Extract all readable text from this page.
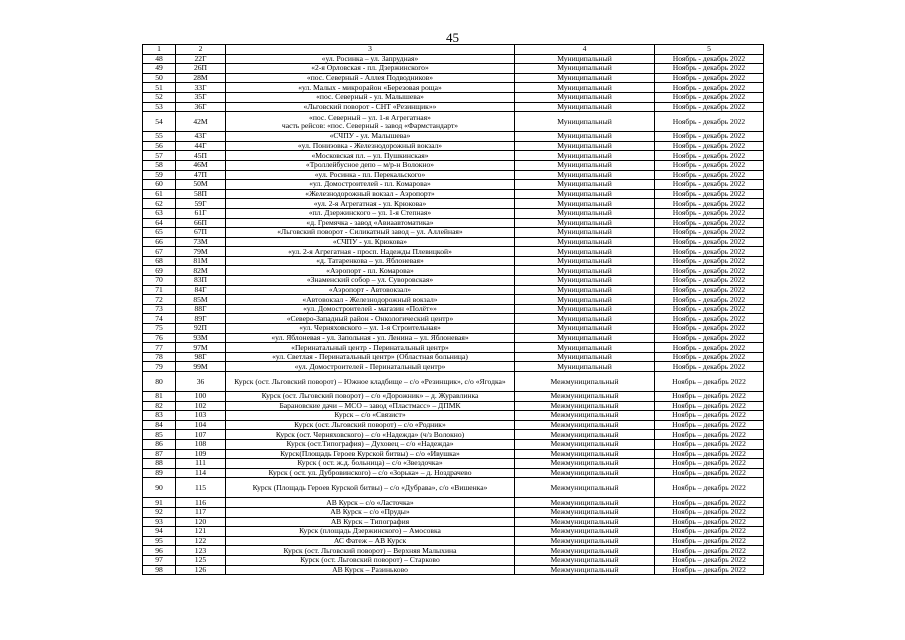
45
1	2	3	4	5
48	22Г	«ул. Росинка – ул. Запрудная»	Муниципальный	Ноябрь - декабрь 2022
49	26П	«2-я Орловская - пл. Дзержинского»	Муниципальный	Ноябрь - декабрь 2022
50	28М	«пос. Северный - Аллея Подводников»	Муниципальный	Ноябрь - декабрь 2022
51	33Г	«ул. Малых - микрорайон «Березовая роща»	Муниципальный	Ноябрь - декабрь 2022
52	35Г	«пос. Северный - ул. Малышева»	Муниципальный	Ноябрь - декабрь 2022
53	36Г	«Льговский поворот - СНТ «Резинщик»»	Муниципальный	Ноябрь - декабрь 2022
54	42М	«пос. Северный – ул. 1-я Агрегатная»
часть рейсов: «пос. Северный - завод «Фармстандарт»	Муниципальный	Ноябрь - декабрь 2022
55	43Г	«СЧПУ - ул. Малышева»	Муниципальный	Ноябрь - декабрь 2022
56	44Г	«ул. Пониэовка - Железнодорожный вокзал»	Муниципальный	Ноябрь - декабрь 2022
57	45П	«Московская пл. – ул. Пушкинская»	Муниципальный	Ноябрь - декабрь 2022
58	46М	«Троллейбусное депо – м/р-н Волокно»	Муниципальный	Ноябрь - декабрь 2022
59	47П	«ул. Росинка - пл. Перекальского»	Муниципальный	Ноябрь - декабрь 2022
60	50М	«ул. Домостроителей - пл. Комарова»	Муниципальный	Ноябрь - декабрь 2022
61	58П	«Железнодорожный вокзал - Аэропорт»	Муниципальный	Ноябрь - декабрь 2022
62	59Г	«ул. 2-я Агрегатная - ул. Крюкова»	Муниципальный	Ноябрь - декабрь 2022
63	61Г	«пл. Дзержинского – ул. 1-я Степная»	Муниципальный	Ноябрь - декабрь 2022
64	66П	«д. Гремячка - завод «Авиаавтоматика»	Муниципальный	Ноябрь - декабрь 2022
65	67П	«Льговский поворот - Силикатный завод – ул. Аллейная»	Муниципальный	Ноябрь - декабрь 2022
66	73М	«СЧПУ - ул. Крюкова»	Муниципальный	Ноябрь - декабрь 2022
67	79М	«ул. 2-я Агрегатная - просп. Надежды Плевицкой»	Муниципальный	Ноябрь - декабрь 2022
68	81М	«д. Татаренкова – ул. Яблоневая»	Муниципальный	Ноябрь - декабрь 2022
69	82М	«Аэропорт - пл. Комарова»	Муниципальный	Ноябрь - декабрь 2022
70	83П	«Знаменский собор – ул. Суворовская»	Муниципальный	Ноябрь - декабрь 2022
71	84Г	«Аэропорт - Автовокзал»	Муниципальный	Ноябрь - декабрь 2022
72	85М	«Автовокзал - Железнодорожный вокзал»	Муниципальный	Ноябрь - декабрь 2022
73	88Г	«ул. Домостроителей - магазин «Полёт»»	Муниципальный	Ноябрь - декабрь 2022
74	89Г	«Северо-Западный район - Онкологический центр»	Муниципальный	Ноябрь - декабрь 2022
75	92П	«ул. Черняховского – ул. 1-я Строительная»	Муниципальный	Ноябрь - декабрь 2022
76	93М	«ул. Яблоневая - ул. Запольная - ул. Ленина – ул. Яблоневая»	Муниципальный	Ноябрь - декабрь 2022
77	97М	«Перинатальный центр - Перинатальный центр»	Муниципальный	Ноябрь - декабрь 2022
78	98Г	«ул. Светлая - Перинатальный центр» (Областная больница)	Муниципальный	Ноябрь - декабрь 2022
79	99М	«ул. Домостроителей - Перинатальный центр»	Муниципальный	Ноябрь - декабрь 2022
80	36	Курск (ост. Льговский поворот) – Южное кладбище – с/о «Резинщик», с/о «Ягодка»	Межмуниципальный	Ноябрь – декабрь 2022
81	100	Курск (ост. Льговский поворот) – с/о «Дорожник» – д. Журавлинка	Межмуниципальный	Ноябрь – декабрь 2022
82	102	Барановские дачи – МСО – завод «Пластмасс» – ДПМК	Межмуниципальный	Ноябрь – декабрь 2022
83	103	Курск – с/о «Связист»	Межмуниципальный	Ноябрь – декабрь 2022
84	104	Курск (ост. Льговский поворот) – с/о «Родник»	Межмуниципальный	Ноябрь – декабрь 2022
85	107	Курск (ост. Черняховского) – с/о «Надежда» (ч/з Волокно)	Межмуниципальный	Ноябрь – декабрь 2022
86	108	Курск (ост.Типография) – Духовец – с/о «Надежда»	Межмуниципальный	Ноябрь – декабрь 2022
87	109	Курск(Площадь Героев Курской битвы) – с/о «Ивушка»	Межмуниципальный	Ноябрь – декабрь 2022
88	111	Курск ( ост. ж.д. больница) – с/о «Звездочка»	Межмуниципальный	Ноябрь – декабрь 2022
89	114	Курск ( ост. ул. Дубровинского) – с/о «Зорька» – д. Ноздрачево	Межмуниципальный	Ноябрь – декабрь 2022
90	115	Курск (Площадь Героев Курской битвы) – с/о «Дубрава», с/о «Вишенка»	Межмуниципальный	Ноябрь – декабрь 2022
91	116	АВ Курск – с/о «Ласточка»	Межмуниципальный	Ноябрь – декабрь 2022
92	117	АВ Курск – с/о «Пруды»	Межмуниципальный	Ноябрь – декабрь 2022
93	120	АВ Курск – Типография	Межмуниципальный	Ноябрь – декабрь 2022
94	121	Курск (площадь Дзержинского) – Амосовка	Межмуниципальный	Ноябрь – декабрь 2022
95	122	АС Фатеж – АВ Курск	Межмуниципальный	Ноябрь – декабрь 2022
96	123	Курск (ост. Льговский поворот) – Верхняя Малыхина	Межмуниципальный	Ноябрь – декабрь 2022
97	125	Курск (ост. Льговский поворот) – Старково	Межмуниципальный	Ноябрь – декабрь 2022
98	126	АВ Курск – Разиньково	Межмуниципальный	Ноябрь – декабрь 2022
